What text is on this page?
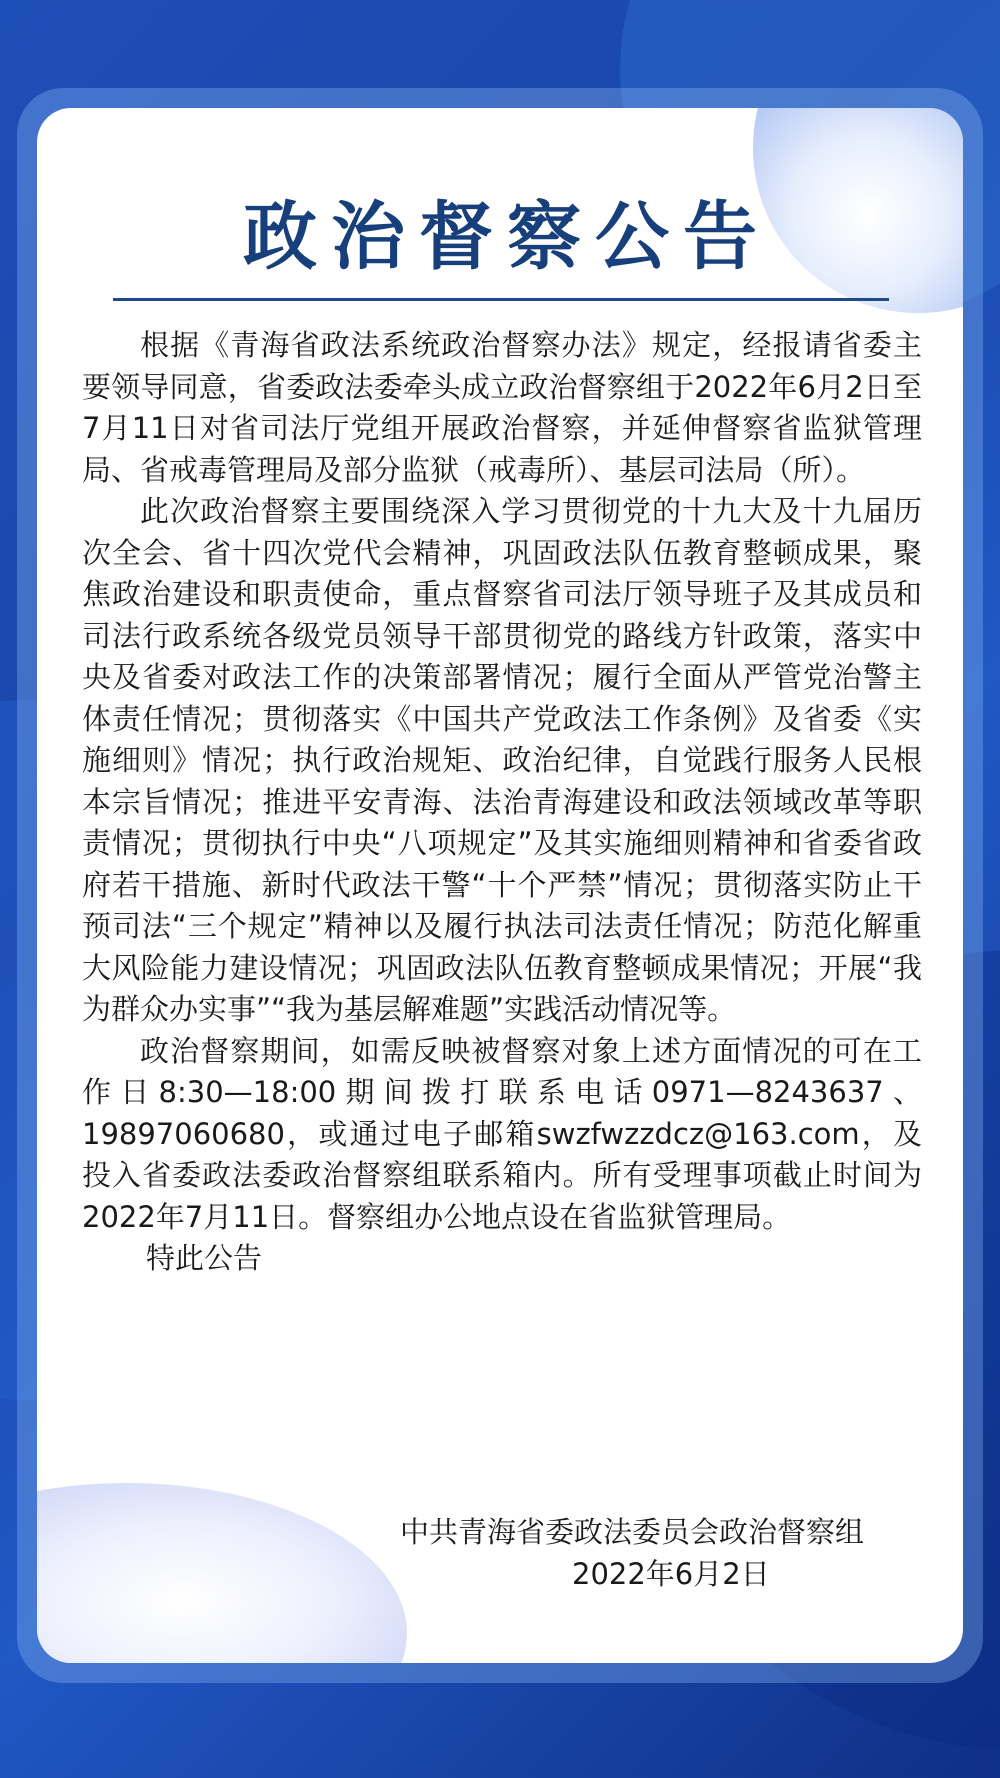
政治督察公告

根据《青海省政法系统政治督察办法》规定，经报请省委主要领导同意，省委政法委牵头成立政治督察组于2022年6月2日至7月11日对省司法厅党组开展政治督察，并延伸督察省监狱管理局、省戒毒管理局及部分监狱（戒毒所）、基层司法局（所）。

此次政治督察主要围绕深入学习贯彻党的十九大及十九届历次全会、省十四次党代会精神，巩固政法队伍教育整顿成果，聚焦政治建设和职责使命，重点督察省司法厅领导班子及其成员和司法行政系统各级党员领导干部贯彻党的路线方针政策，落实中央及省委对政法工作的决策部署情况；履行全面从严管党治警主体责任情况；贯彻落实《中国共产党政法工作条例》及省委《实施细则》情况；执行政治规矩、政治纪律，自觉践行服务人民根本宗旨情况；推进平安青海、法治青海建设和政法领域改革等职责情况；贯彻执行中央“八项规定”及其实施细则精神和省委省政府若干措施、新时代政法干警“十个严禁”情况；贯彻落实防止干预司法“三个规定”精神以及履行执法司法责任情况；防范化解重大风险能力建设情况；巩固政法队伍教育整顿成果情况；开展“我为群众办实事”“我为基层解难题”实践活动情况等。

政治督察期间，如需反映被督察对象上述方面情况的可在工作日8:30—18:00期间拨打联系电话0971—8243637、19897060680，或通过电子邮箱swzfwzzdcz@163.com，及投入省委政法委政治督察组联系箱内。所有受理事项截止时间为2022年7月11日。督察组办公地点设在省监狱管理局。

特此公告

中共青海省委政法委员会政治督察组
2022年6月2日
